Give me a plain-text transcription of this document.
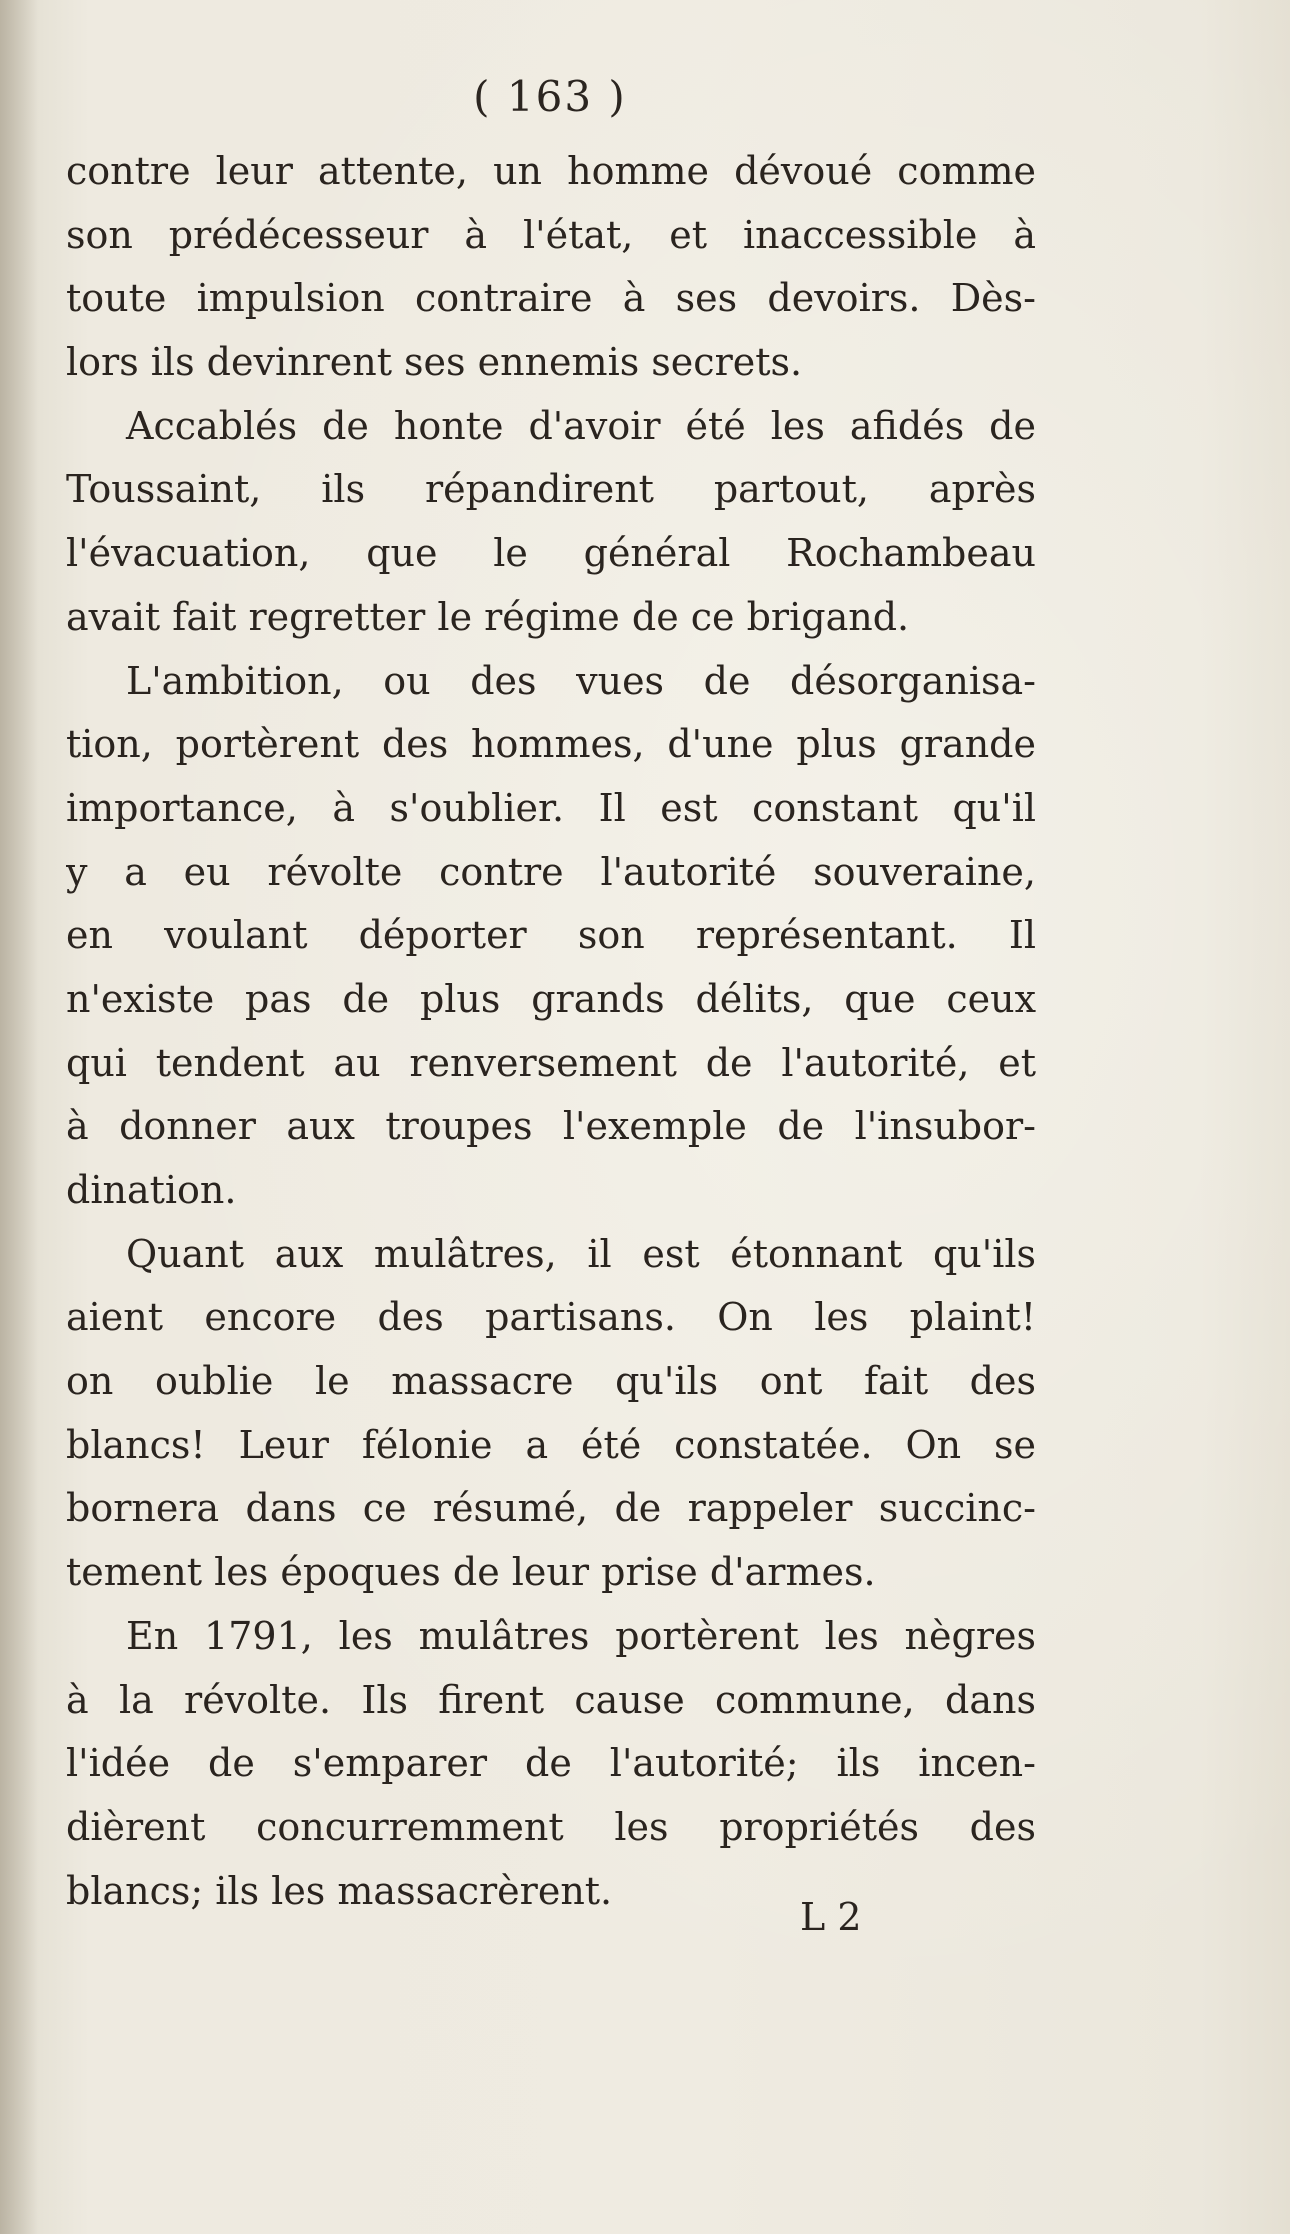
( 163 )
contre leur attente, un homme dévoué comme
son prédécesseur à l'état, et inaccessible à
toute impulsion contraire à ses devoirs. Dès-
lors ils devinrent ses ennemis secrets.
Accablés de honte d'avoir été les afidés de
Toussaint, ils répandirent partout, après
l'évacuation, que le général Rochambeau
avait fait regretter le régime de ce brigand.
L'ambition, ou des vues de désorganisa-
tion, portèrent des hommes, d'une plus grande
importance, à s'oublier. Il est constant qu'il
y a eu révolte contre l'autorité souveraine,
en voulant déporter son représentant. Il
n'existe pas de plus grands délits, que ceux
qui tendent au renversement de l'autorité, et
à donner aux troupes l'exemple de l'insubor-
dination.
Quant aux mulâtres, il est étonnant qu'ils
aient encore des partisans. On les plaint!
on oublie le massacre qu'ils ont fait des
blancs! Leur félonie a été constatée. On se
bornera dans ce résumé, de rappeler succinc-
tement les époques de leur prise d'armes.
En 1791, les mulâtres portèrent les nègres
à la révolte. Ils firent cause commune, dans
l'idée de s'emparer de l'autorité; ils incen-
dièrent concurremment les propriétés des
blancs; ils les massacrèrent.
L 2
